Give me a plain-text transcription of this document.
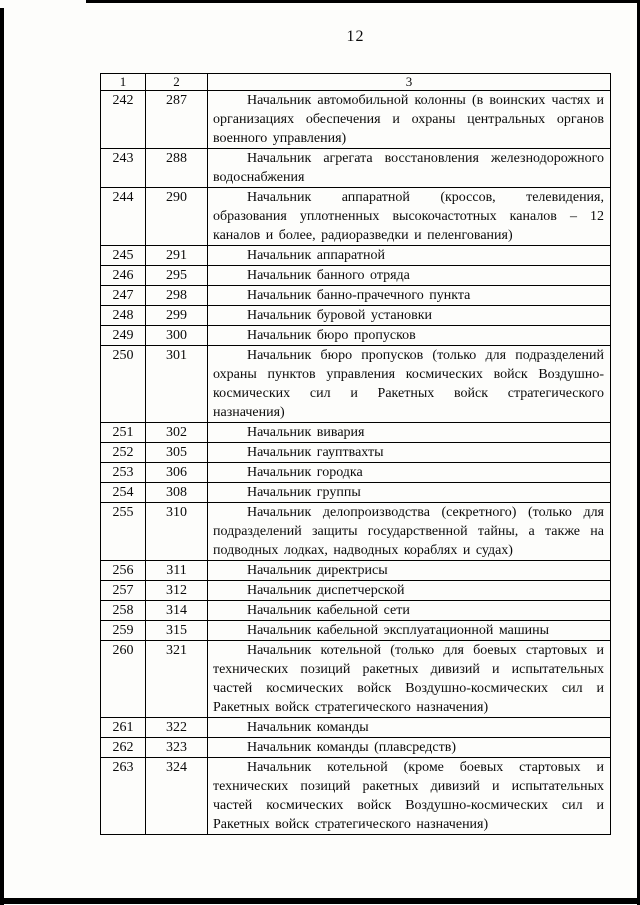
12
1	2	3
242	287	Начальник автомобильной колонны (в воинских частях и организациях обеспечения и охраны центральных органов военного управления)
243	288	Начальник агрегата восстановления железнодорожного водоснабжения
244	290	Начальник аппаратной (кроссов, телевидения, образования уплотненных высокочастотных каналов – 12 каналов и более, радиоразведки и пеленгования)
245	291	Начальник аппаратной
246	295	Начальник банного отряда
247	298	Начальник банно-прачечного пункта
248	299	Начальник буровой установки
249	300	Начальник бюро пропусков
250	301	Начальник бюро пропусков (только для подразделений охраны пунктов управления космических войск Воздушно-космических сил и Ракетных войск стратегического назначения)
251	302	Начальник вивария
252	305	Начальник гауптвахты
253	306	Начальник городка
254	308	Начальник группы
255	310	Начальник делопроизводства (секретного) (только для подразделений защиты государственной тайны, а также на подводных лодках, надводных кораблях и судах)
256	311	Начальник директрисы
257	312	Начальник диспетчерской
258	314	Начальник кабельной сети
259	315	Начальник кабельной эксплуатационной машины
260	321	Начальник котельной (только для боевых стартовых и технических позиций ракетных дивизий и испытательных частей космических войск Воздушно-космических сил и Ракетных войск стратегического назначения)
261	322	Начальник команды
262	323	Начальник команды (плавсредств)
263	324	Начальник котельной (кроме боевых стартовых и технических позиций ракетных дивизий и испытательных частей космических войск Воздушно-космических сил и Ракетных войск стратегического назначения)
